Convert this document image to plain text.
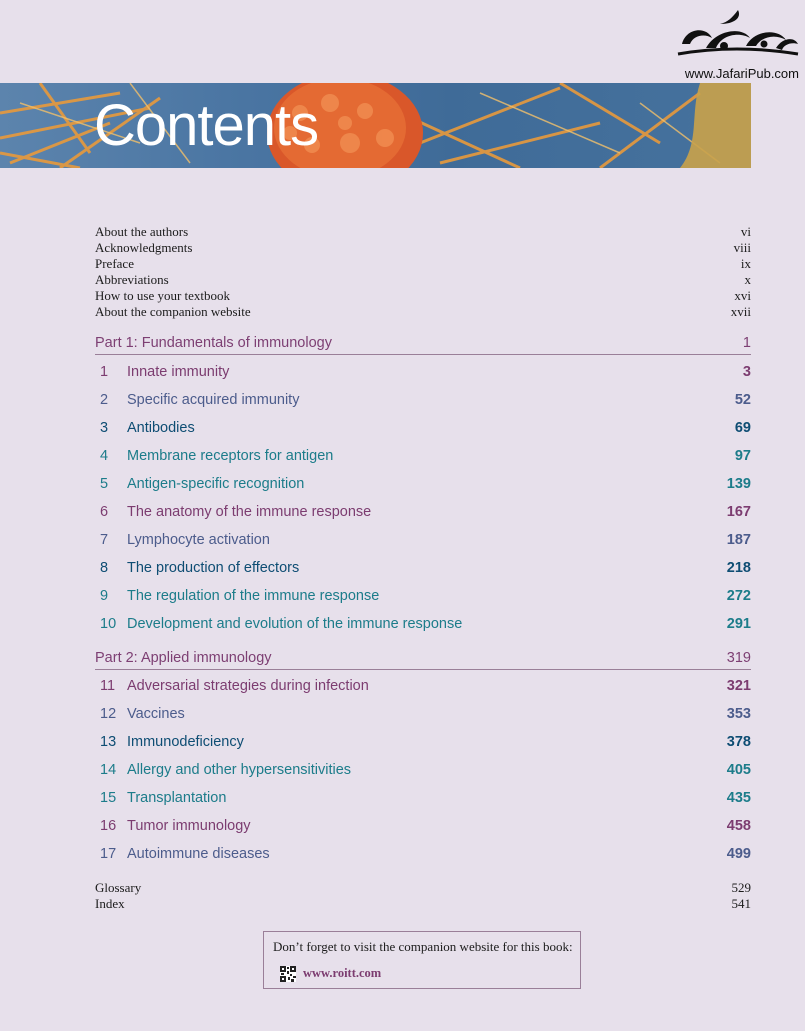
www.JafariPub.com
Contents
About the authors	vi
Acknowledgments	viii
Preface	ix
Abbreviations	x
How to use your textbook	xvi
About the companion website	xvii
Part 1: Fundamentals of immunology	1
1	Innate immunity	3
2	Specific acquired immunity	52
3	Antibodies	69
4	Membrane receptors for antigen	97
5	Antigen-specific recognition	139
6	The anatomy of the immune response	167
7	Lymphocyte activation	187
8	The production of effectors	218
9	The regulation of the immune response	272
10 Development and evolution of the immune response	291
Part 2: Applied immunology	319
11 Adversarial strategies during infection	321
12 Vaccines	353
13 Immunodeficiency	378
14 Allergy and other hypersensitivities	405
15 Transplantation	435
16 Tumor immunology	458
17 Autoimmune diseases	499
Glossary	529
Index	541
Don’t forget to visit the companion website for this book:
www.roitt.com
